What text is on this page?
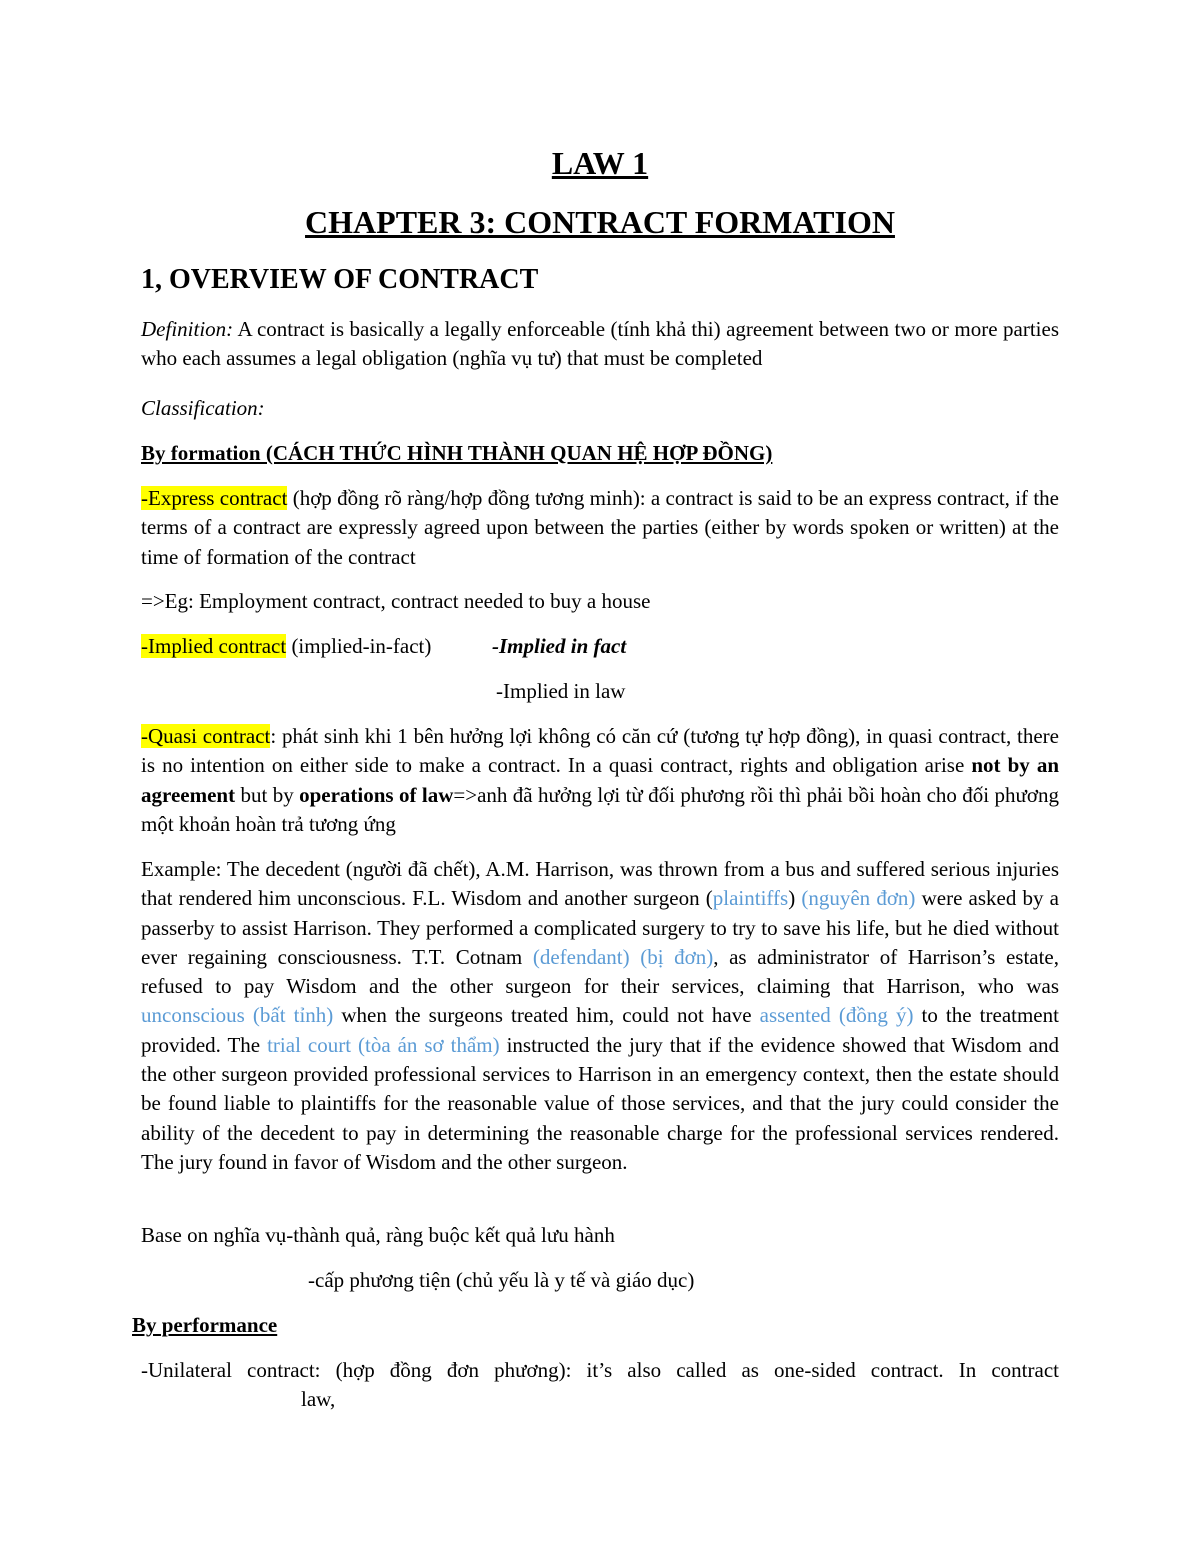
LAW 1
CHAPTER 3: CONTRACT FORMATION
1, OVERVIEW OF CONTRACT

Definition: A contract is basically a legally enforceable (tính khả thi) agreement between two or more parties who each assumes a legal obligation (nghĩa vụ tư) that must be completed

Classification:

By formation (CÁCH THỨC HÌNH THÀNH QUAN HỆ HỢP ĐỒNG)

-Express contract (hợp đồng rõ ràng/hợp đồng tương minh): a contract is said to be an express contract, if the terms of a contract are expressly agreed upon between the parties (either by words spoken or written) at the time of formation of the contract

=>Eg: Employment contract, contract needed to buy a house

-Implied contract (implied-in-fact)	-Implied in fact

-Implied in law

-Quasi contract: phát sinh khi 1 bên hưởng lợi không có căn cứ (tương tự hợp đồng), in quasi contract, there is no intention on either side to make a contract. In a quasi contract, rights and obligation arise not by an agreement but by operations of law=>anh đã hưởng lợi từ đối phương rồi thì phải bồi hoàn cho đối phương một khoản hoàn trả tương ứng

Example: The decedent (người đã chết), A.M. Harrison, was thrown from a bus and suffered serious injuries that rendered him unconscious. F.L. Wisdom and another surgeon (plaintiffs) (nguyên đơn) were asked by a passerby to assist Harrison. They performed a complicated surgery to try to save his life, but he died without ever regaining consciousness. T.T. Cotnam (defendant) (bị đơn), as administrator of Harrison’s estate, refused to pay Wisdom and the other surgeon for their services, claiming that Harrison, who was unconscious (bất tỉnh) when the surgeons treated him, could not have assented (đồng ý) to the treatment provided. The trial court (tòa án sơ thẩm) instructed the jury that if the evidence showed that Wisdom and the other surgeon provided professional services to Harrison in an emergency context, then the estate should be found liable to plaintiffs for the reasonable value of those services, and that the jury could consider the ability of the decedent to pay in determining the reasonable charge for the professional services rendered. The jury found in favor of Wisdom and the other surgeon.

Base on nghĩa vụ-thành quả, ràng buộc kết quả lưu hành

-cấp phương tiện (chủ yếu là y tế và giáo dục)

By performance

-Unilateral contract: (hợp đồng đơn phương): it’s also called as one-sided contract. In contract

law,
